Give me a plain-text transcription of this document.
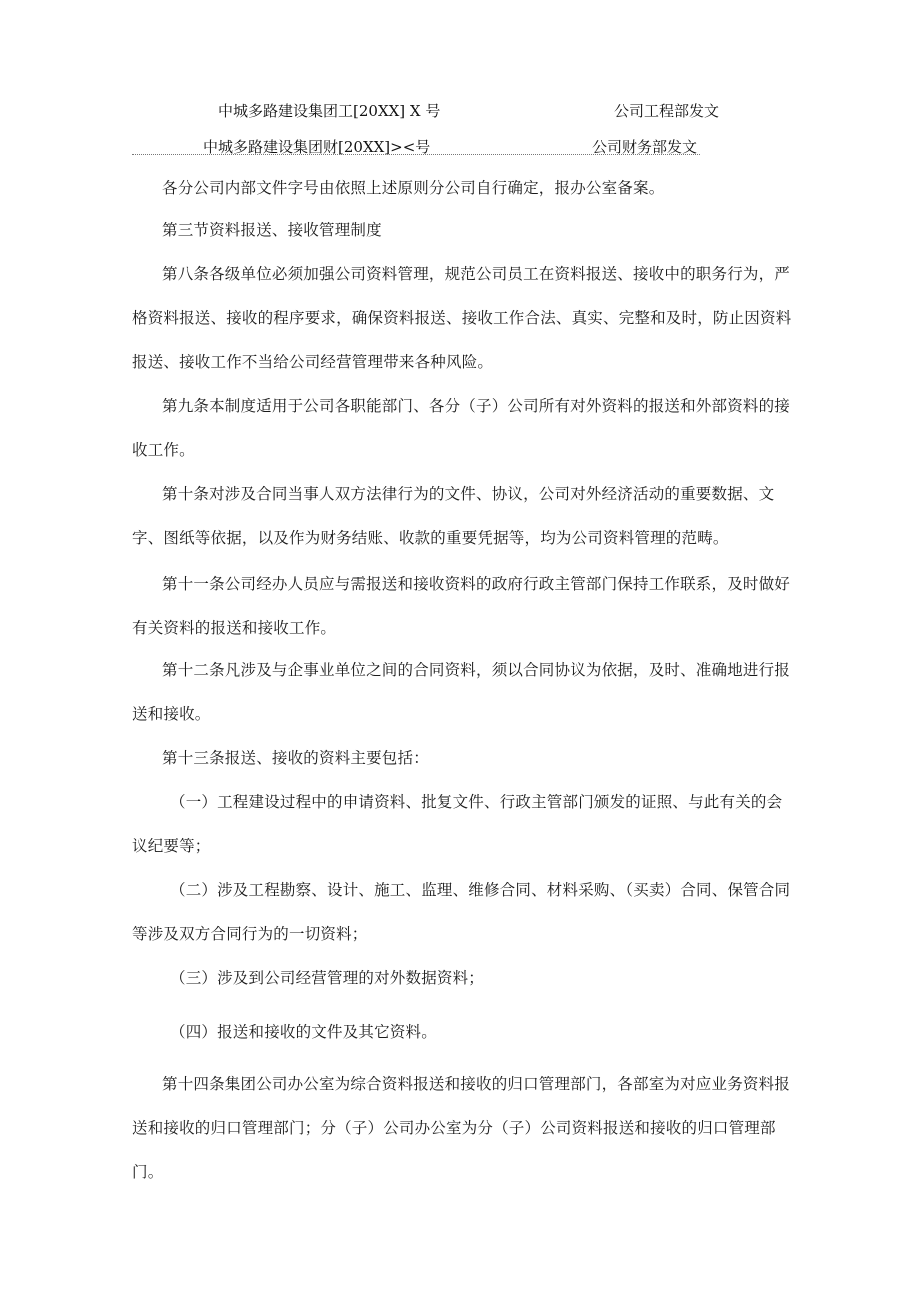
中城多路建设集团工[20XX] X 号	公司工程部发文
中城多路建设集团财[20XX]><号	公司财务部发文
各分公司内部文件字号由依照上述原则分公司自行确定，报办公室备案。
第三节资料报送、接收管理制度
第八条各级单位必须加强公司资料管理，规范公司员工在资料报送、接收中的职务行为，严格资料报送、接收的程序要求，确保资料报送、接收工作合法、真实、完整和及时，防止因资料报送、接收工作不当给公司经营管理带来各种风险。
第九条本制度适用于公司各职能部门、各分（子）公司所有对外资料的报送和外部资料的接收工作。
第十条对涉及合同当事人双方法律行为的文件、协议，公司对外经济活动的重要数据、文字、图纸等依据，以及作为财务结账、收款的重要凭据等，均为公司资料管理的范畴。
第十一条公司经办人员应与需报送和接收资料的政府行政主管部门保持工作联系，及时做好有关资料的报送和接收工作。
第十二条凡涉及与企事业单位之间的合同资料，须以合同协议为依据，及时、准确地进行报送和接收。
第十三条报送、接收的资料主要包括：
（一）工程建设过程中的申请资料、批复文件、行政主管部门颁发的证照、与此有关的会议纪要等；
（二）涉及工程勘察、设计、施工、监理、维修合同、材料采购、（买卖）合同、保管合同等涉及双方合同行为的一切资料；
（三）涉及到公司经营管理的对外数据资料；
（四）报送和接收的文件及其它资料。
第十四条集团公司办公室为综合资料报送和接收的归口管理部门，各部室为对应业务资料报送和接收的归口管理部门；分（子）公司办公室为分（子）公司资料报送和接收的归口管理部门。
